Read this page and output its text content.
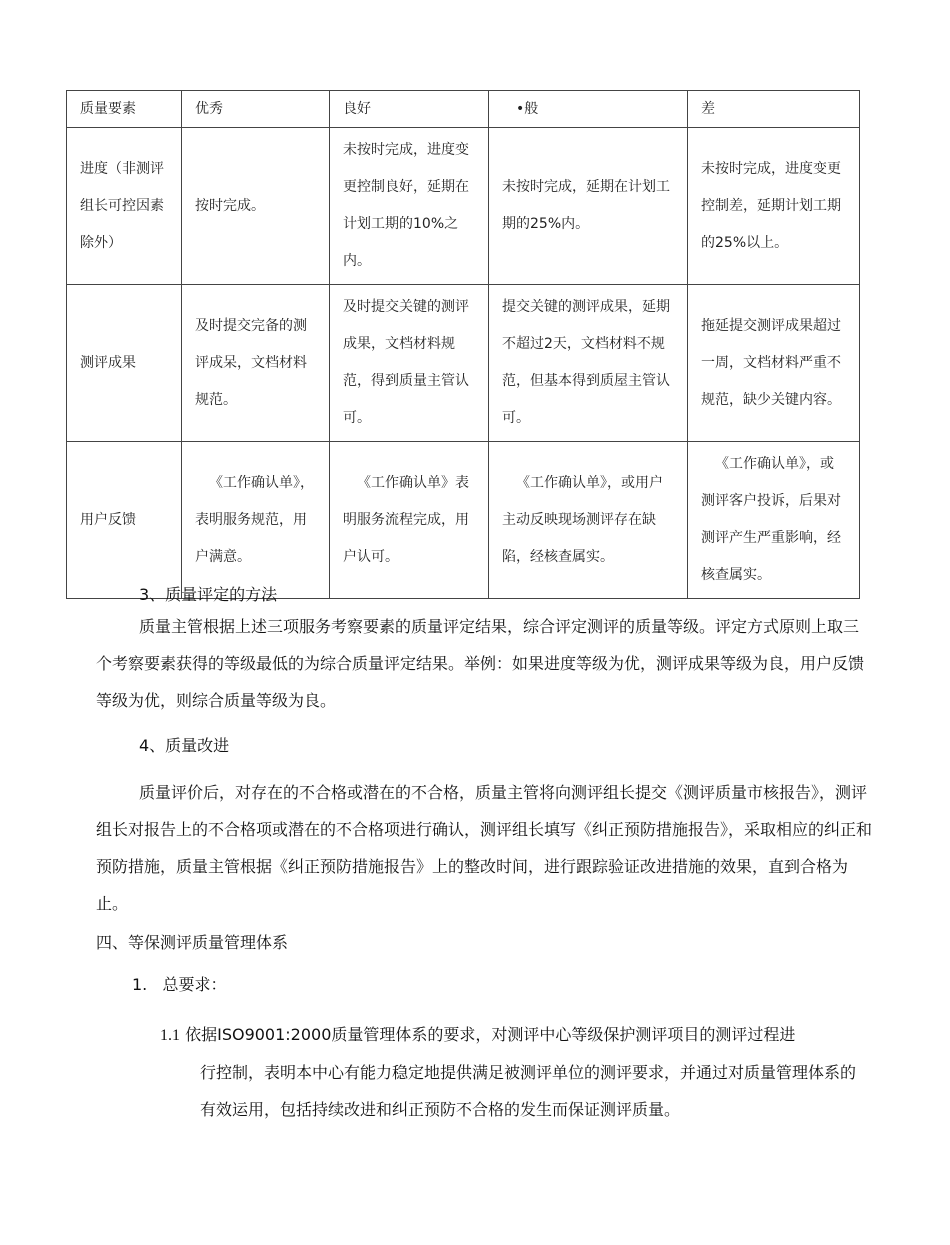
质量要素	优秀	良好	•般	差
进度（非测评组长可控因素除外）	按时完成。	未按时完成，进度变更控制良好，延期在计划工期的10%之内。	未按时完成，延期在计划工期的25%内。	未按时完成，进度变更控制差，延期计划工期的25%以上。
测评成果	及时提交完备的测评成呆，文档材料规范。	及时提交关键的测评成果，文档材料规范，得到质量主管认可。	提交关键的测评成果，延期不超过2天，文档材料不规范，但基本得到质屋主管认可。	拖延提交测评成果超过一周，文档材料严重不规范，缺少关键内容。
用户反馈	《工作确认单》，表明服务规范，用户满意。	《工作确认单》表明服务流程完成，用户认可。	《工作确认单》，或用户主动反映现场测评存在缺陷，经核查属实。	《工作确认单》，或测评客户投诉，后果对测评产生严重影响，经核查属实。

3、质量评定的方法

质量主管根据上述三项服务考察要素的质量评定结果，综合评定测评的质量等级。评定方式原则上取三个考察要素获得的等级最低的为综合质量评定结果。举例：如果进度等级为优，测评成果等级为良，用户反馈等级为优，则综合质量等级为良。

4、质量改进

质量评价后，对存在的不合格或潜在的不合格，质量主管将向测评组长提交《测评质量市核报告》，测评组长对报告上的不合格项或潜在的不合格项进行确认，测评组长填写《纠正预防措施报告》，采取相应的纠正和预防措施，质量主管根据《纠正预防措施报告》上的整改时间，进行跟踪验证改进措施的效果，直到合格为止。

四、等保测评质量管理体系

1. 总要求：

1.1 依据ISO9001:2000质量管理体系的要求，对测评中心等级保护测评项目的测评过程进
行控制，表明本中心有能力稳定地提供满足被测评单位的测评要求，并通过对质量管理体系的有效运用，包括持续改进和纠正预防不合格的发生而保证测评质量。
